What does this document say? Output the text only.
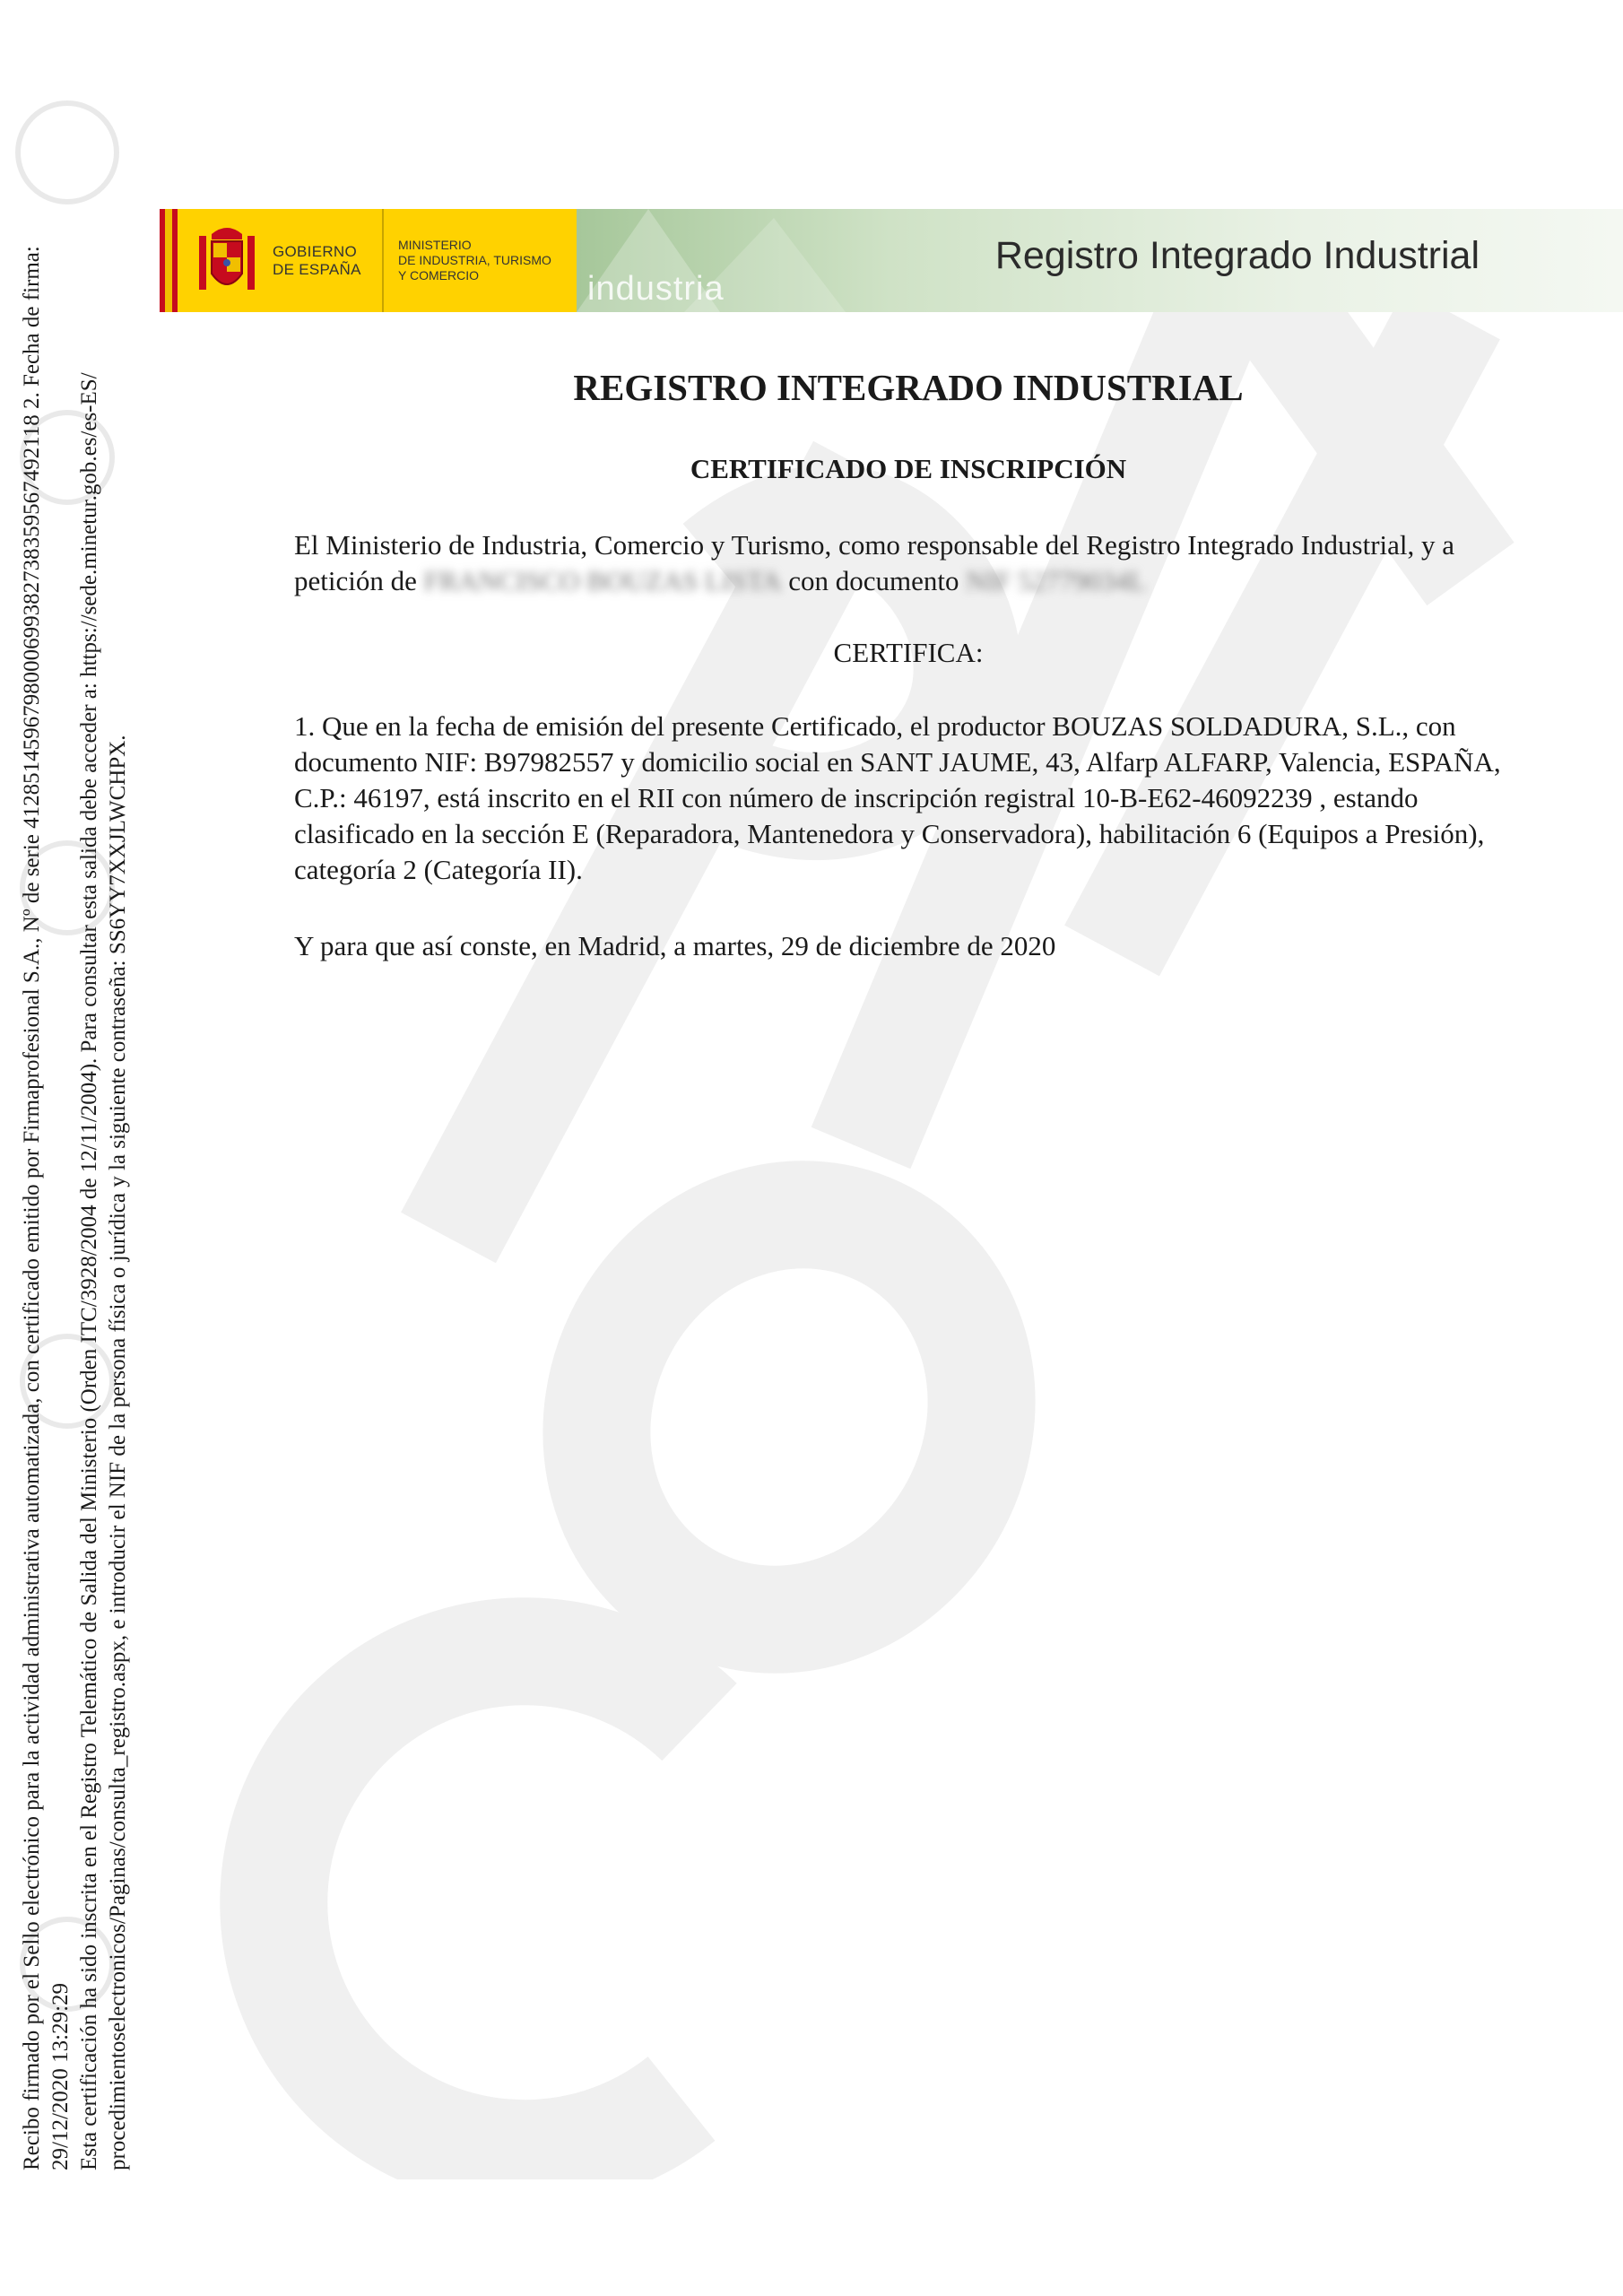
Recibo firmado por el Sello electrónico para la actividad administrativa automatizada, con certificado emitido por Firmaprofesional S.A., Nº de serie 4128514596798000699382738359567492118 2. Fecha de firma: 29/12/2020 13:29:29 Esta certificación ha sido inscrita en el Registro Telemático de Salida del Ministerio (Orden ITC/3928/2004 de 12/11/2004). Para consultar esta salida debe acceder a: https://sede.minetur.gob.es/es-ES/ procedimientoselectronicos/Paginas/consulta_registro.aspx, e introducir el NIF de la persona física o jurídica y la siguiente contraseña: SS6YY7XXJLWCHPX.
GOBIERNO
DE ESPAÑA
MINISTERIO
DE INDUSTRIA, TURISMO
Y COMERCIO	industria
Registro Integrado Industrial
REGISTRO INTEGRADO INDUSTRIAL
CERTIFICADO DE INSCRIPCIÓN
El Ministerio de Industria, Comercio y Turismo, como responsable del Registro Integrado Industrial, y a petición de FRANCISCO BOUZAS LISTA con documento NIF 52779034L
CERTIFICA:
1. Que en la fecha de emisión del presente Certificado, el productor BOUZAS SOLDADURA, S.L., con documento NIF: B97982557 y domicilio social en SANT JAUME, 43, Alfarp ALFARP, Valencia, ESPAÑA, C.P.: 46197, está inscrito en el RII con número de inscripción registral 10-B-E62-46092239 , estando clasificado en la sección E (Reparadora, Mantenedora y Conservadora), habilitación 6 (Equipos a Presión), categoría 2 (Categoría II).
Y para que así conste, en Madrid, a martes, 29 de diciembre de 2020
